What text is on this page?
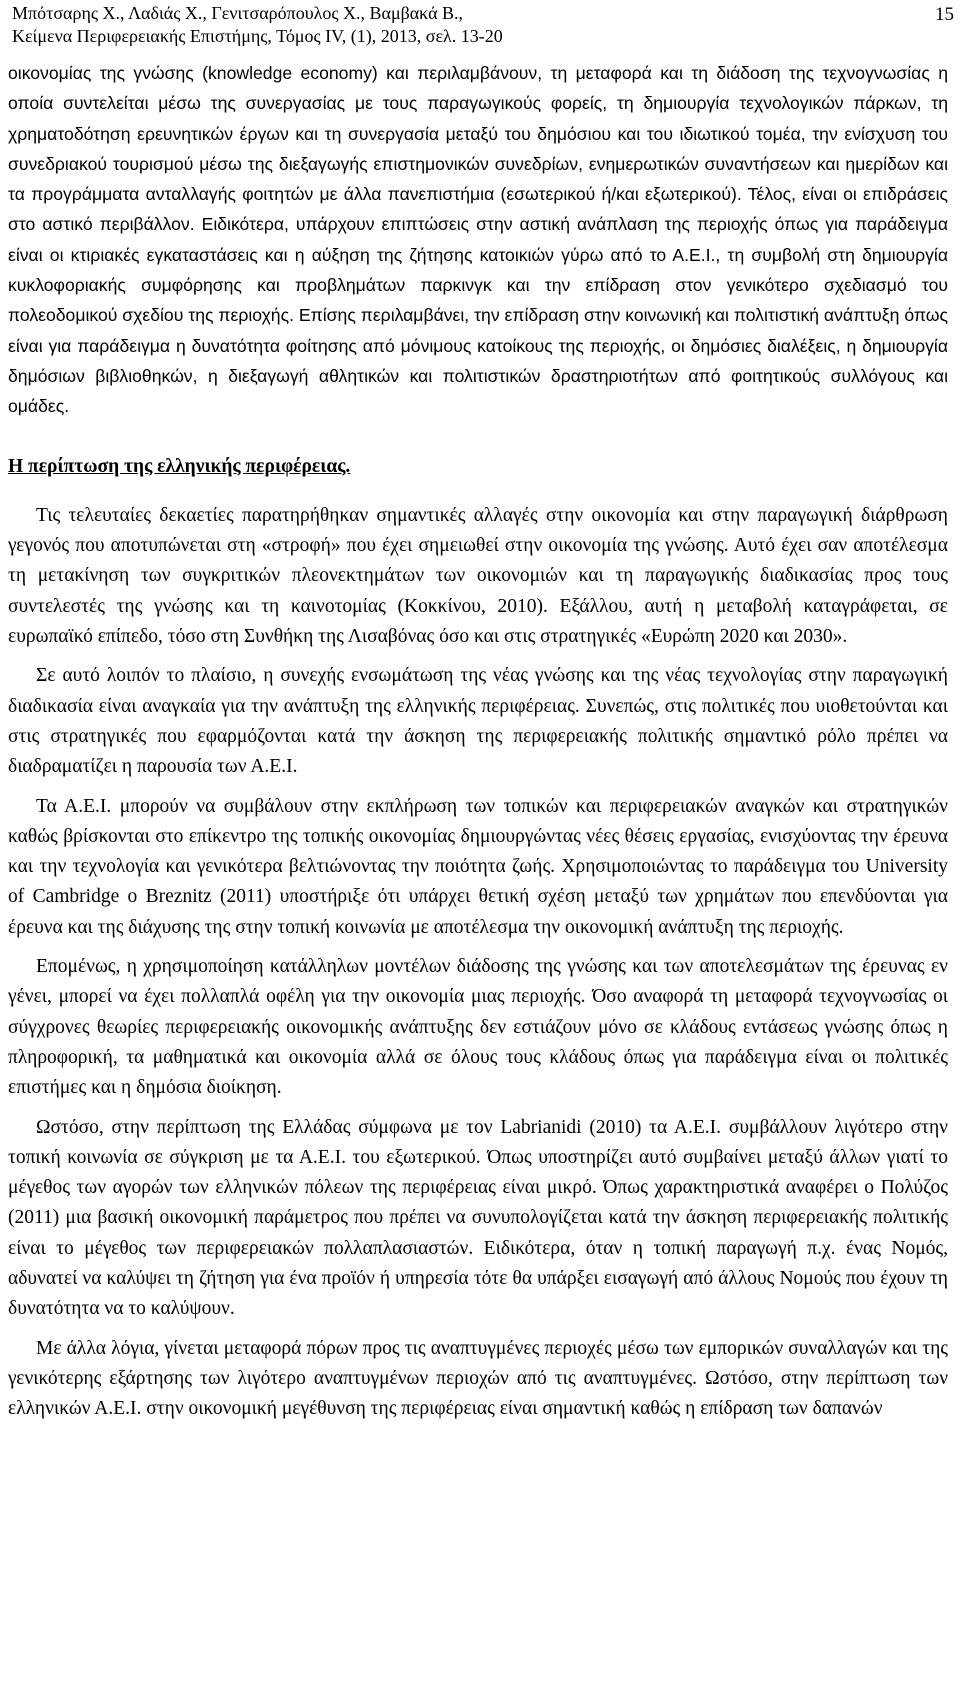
Μπότσαρης Χ., Λαδιάς Χ., Γενιτσαρόπουλος Χ., Βαμβακά Β.,
Κείμενα Περιφερειακής Επιστήμης, Τόμος IV, (1), 2013, σελ. 13-20
15

οικονομίας της γνώσης (knowledge economy) και περιλαμβάνουν, τη μεταφορά και τη διάδοση της τεχνογνωσίας η οποία συντελείται μέσω της συνεργασίας με τους παραγωγικούς φορείς, τη δημιουργία τεχνολογικών πάρκων, τη χρηματοδότηση ερευνητικών έργων και τη συνεργασία μεταξύ του δημόσιου και του ιδιωτικού τομέα, την ενίσχυση του συνεδριακού τουρισμού μέσω της διεξαγωγής επιστημονικών συνεδρίων, ενημερωτικών συναντήσεων και ημερίδων και τα προγράμματα ανταλλαγής φοιτητών με άλλα πανεπιστήμια (εσωτερικού ή/και εξωτερικού). Τέλος, είναι οι επιδράσεις στο αστικό περιβάλλον. Ειδικότερα, υπάρχουν επιπτώσεις στην αστική ανάπλαση της περιοχής όπως για παράδειγμα είναι οι κτιριακές εγκαταστάσεις και η αύξηση της ζήτησης κατοικιών γύρω από το Α.Ε.Ι., τη συμβολή στη δημιουργία κυκλοφοριακής συμφόρησης και προβλημάτων παρκινγκ και την επίδραση στον γενικότερο σχεδιασμό του πολεοδομικού σχεδίου της περιοχής. Επίσης περιλαμβάνει, την επίδραση στην κοινωνική και πολιτιστική ανάπτυξη όπως είναι για παράδειγμα η δυνατότητα φοίτησης από μόνιμους κατοίκους της περιοχής, οι δημόσιες διαλέξεις, η δημιουργία δημόσιων βιβλιοθηκών, η διεξαγωγή αθλητικών και πολιτιστικών δραστηριοτήτων από φοιτητικούς συλλόγους και ομάδες.

Η περίπτωση της ελληνικής περιφέρειας.

Τις τελευταίες δεκαετίες παρατηρήθηκαν σημαντικές αλλαγές στην οικονομία και στην παραγωγική διάρθρωση γεγονός που αποτυπώνεται στη «στροφή» που έχει σημειωθεί στην οικονομία της γνώσης. Αυτό έχει σαν αποτέλεσμα τη μετακίνηση των συγκριτικών πλεονεκτημάτων των οικονομιών και τη παραγωγικής διαδικασίας προς τους συντελεστές της γνώσης και τη καινοτομίας (Κοκκίνου, 2010). Εξάλλου, αυτή η μεταβολή καταγράφεται, σε ευρωπαϊκό επίπεδο, τόσο στη Συνθήκη της Λισαβόνας όσο και στις στρατηγικές «Ευρώπη 2020 και 2030».

Σε αυτό λοιπόν το πλαίσιο, η συνεχής ενσωμάτωση της νέας γνώσης και της νέας τεχνολογίας στην παραγωγική διαδικασία είναι αναγκαία για την ανάπτυξη της ελληνικής περιφέρειας. Συνεπώς, στις πολιτικές που υιοθετούνται και στις στρατηγικές που εφαρμόζονται κατά την άσκηση της περιφερειακής πολιτικής σημαντικό ρόλο πρέπει να διαδραματίζει η παρουσία των Α.Ε.Ι.

Τα Α.Ε.Ι. μπορούν να συμβάλουν στην εκπλήρωση των τοπικών και περιφερειακών αναγκών και στρατηγικών καθώς βρίσκονται στο επίκεντρο της τοπικής οικονομίας δημιουργώντας νέες θέσεις εργασίας, ενισχύοντας την έρευνα και την τεχνολογία και γενικότερα βελτιώνοντας την ποιότητα ζωής. Χρησιμοποιώντας το παράδειγμα του University of Cambridge ο Breznitz (2011) υποστήριξε ότι υπάρχει θετική σχέση μεταξύ των χρημάτων που επενδύονται για έρευνα και της διάχυσης της στην τοπική κοινωνία με αποτέλεσμα την οικονομική ανάπτυξη της περιοχής.

Επομένως, η χρησιμοποίηση κατάλληλων μοντέλων διάδοσης της γνώσης και των αποτελεσμάτων της έρευνας εν γένει, μπορεί να έχει πολλαπλά οφέλη για την οικονομία μιας περιοχής. Όσο αναφορά τη μεταφορά τεχνογνωσίας οι σύγχρονες θεωρίες περιφερειακής οικονομικής ανάπτυξης δεν εστιάζουν μόνο σε κλάδους εντάσεως γνώσης όπως η πληροφορική, τα μαθηματικά και οικονομία αλλά σε όλους τους κλάδους όπως για παράδειγμα είναι οι πολιτικές επιστήμες και η δημόσια διοίκηση.

Ωστόσο, στην περίπτωση της Ελλάδας σύμφωνα με τον Labrianidi (2010) τα Α.Ε.Ι. συμβάλλουν λιγότερο στην τοπική κοινωνία σε σύγκριση με τα Α.Ε.Ι. του εξωτερικού. Όπως υποστηρίζει αυτό συμβαίνει μεταξύ άλλων γιατί το μέγεθος των αγορών των ελληνικών πόλεων της περιφέρειας είναι μικρό. Όπως χαρακτηριστικά αναφέρει ο Πολύζος (2011) μια βασική οικονομική παράμετρος που πρέπει να συνυπολογίζεται κατά την άσκηση περιφερειακής πολιτικής είναι το μέγεθος των περιφερειακών πολλαπλασιαστών. Ειδικότερα, όταν η τοπική παραγωγή π.χ. ένας Νομός, αδυνατεί να καλύψει τη ζήτηση για ένα προϊόν ή υπηρεσία τότε θα υπάρξει εισαγωγή από άλλους Νομούς που έχουν τη δυνατότητα να το καλύψουν.

Με άλλα λόγια, γίνεται μεταφορά πόρων προς τις αναπτυγμένες περιοχές μέσω των εμπορικών συναλλαγών και της γενικότερης εξάρτησης των λιγότερο αναπτυγμένων περιοχών από τις αναπτυγμένες. Ωστόσο, στην περίπτωση των ελληνικών Α.Ε.Ι. στην οικονομική μεγέθυνση της περιφέρειας είναι σημαντική καθώς η επίδραση των δαπανών
